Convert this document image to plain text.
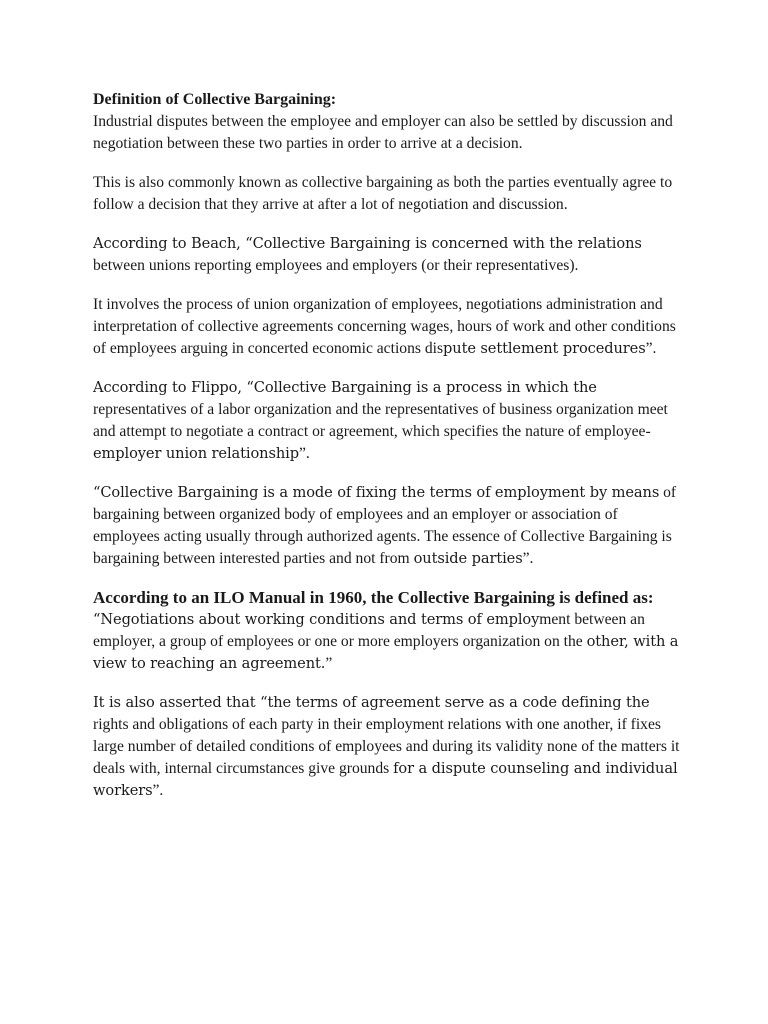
Definition of Collective Bargaining:

Industrial disputes between the employee and employer can also be settled by discussion and negotiation between these two parties in order to arrive at a decision.

This is also commonly known as collective bargaining as both the parties eventually agree to follow a decision that they arrive at after a lot of negotiation and discussion.

According to Beach, “Collective Bargaining is concerned with the relations between unions reporting employees and employers (or their representatives).

It involves the process of union organization of employees, negotiations administration and interpretation of collective agreements concerning wages, hours of work and other conditions of employees arguing in concerted economic actions dispute settlement procedures”.

According to Flippo, “Collective Bargaining is a process in which the representatives of a labor organization and the representatives of business organization meet and attempt to negotiate a contract or agreement, which specifies the nature of employee-employer union relationship”.

“Collective Bargaining is a mode of fixing the terms of employment by means of bargaining between organized body of employees and an employer or association of employees acting usually through authorized agents. The essence of Collective Bargaining is bargaining between interested parties and not from outside parties”.

According to an ILO Manual in 1960, the Collective Bargaining is defined as:

“Negotiations about working conditions and terms of employment between an employer, a group of employees or one or more employers organization on the other, with a view to reaching an agreement.”

It is also asserted that “the terms of agreement serve as a code defining the rights and obligations of each party in their employment relations with one another, if fixes large number of detailed conditions of employees and during its validity none of the matters it deals with, internal circumstances give grounds for a dispute counseling and individual workers”.
